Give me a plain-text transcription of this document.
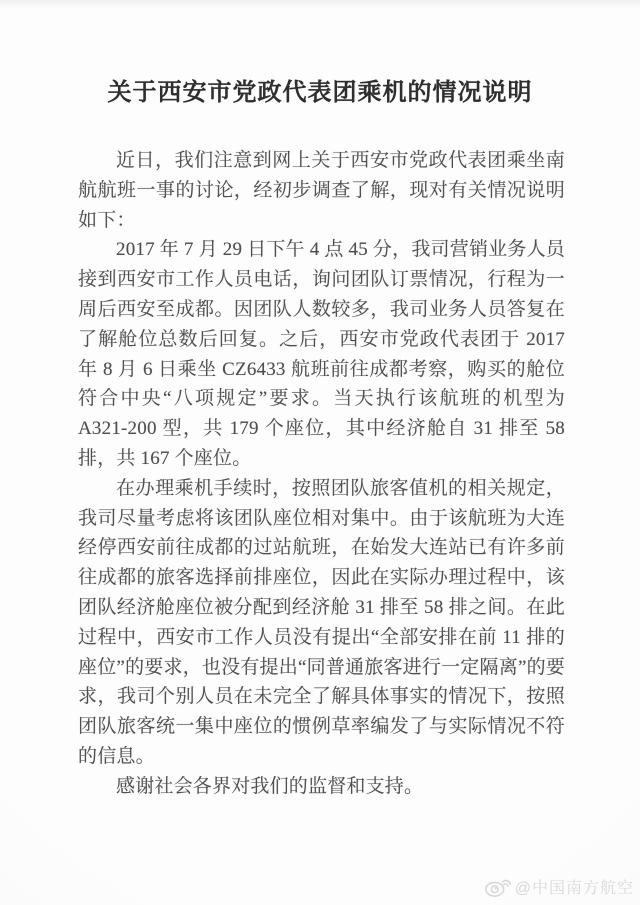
关于西安市党政代表团乘机的情况说明

近日，我们注意到网上关于西安市党政代表团乘坐南航航班一事的讨论，经初步调查了解，现对有关情况说明如下：

2017 年 7 月 29 日下午 4 点 45 分，我司营销业务人员接到西安市工作人员电话，询问团队订票情况，行程为一周后西安至成都。因团队人数较多，我司业务人员答复在了解舱位总数后回复。之后，西安市党政代表团于 2017 年 8 月 6 日乘坐 CZ6433 航班前往成都考察，购买的舱位符合中央“八项规定”要求。当天执行该航班的机型为 A321-200 型，共 179 个座位，其中经济舱自 31 排至 58 排，共 167 个座位。

在办理乘机手续时，按照团队旅客值机的相关规定，我司尽量考虑将该团队座位相对集中。由于该航班为大连经停西安前往成都的过站航班，在始发大连站已有许多前往成都的旅客选择前排座位，因此在实际办理过程中，该团队经济舱座位被分配到经济舱 31 排至 58 排之间。在此过程中，西安市工作人员没有提出“全部安排在前 11 排的座位”的要求，也没有提出“同普通旅客进行一定隔离”的要求，我司个别人员在未完全了解具体事实的情况下，按照团队旅客统一集中座位的惯例草率编发了与实际情况不符的信息。

感谢社会各界对我们的监督和支持。

@中国南方航空
